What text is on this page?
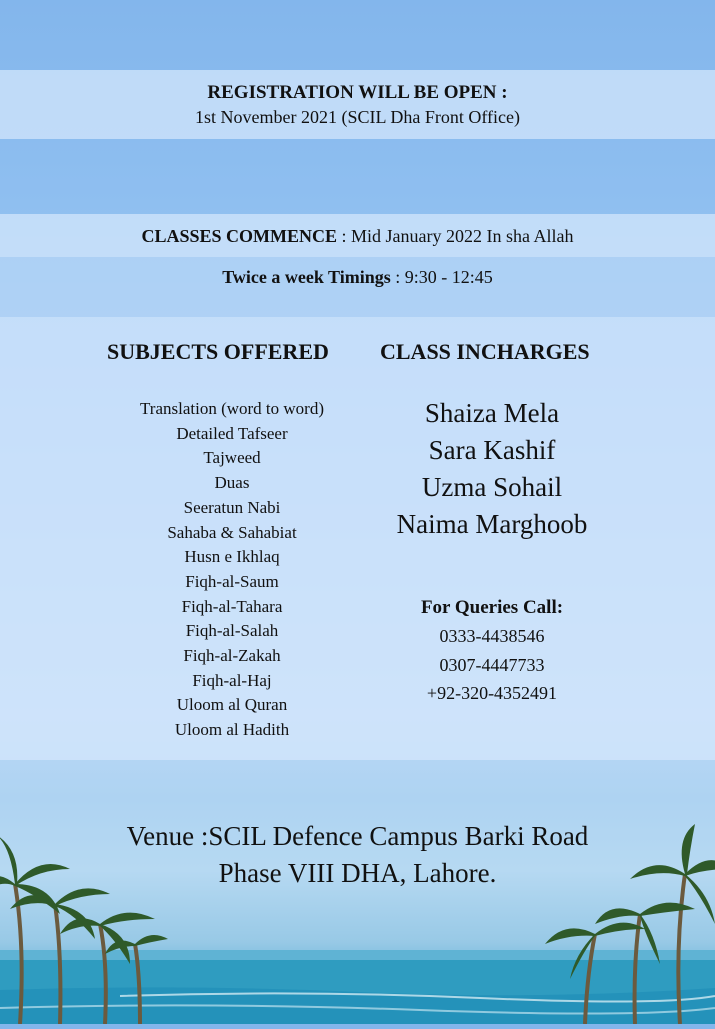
REGISTRATION WILL BE OPEN :
1st November 2021 (SCIL Dha Front Office)
CLASSES COMMENCE : Mid January 2022 In sha Allah
Twice a week Timings : 9:30 - 12:45
SUBJECTS OFFERED CLASS INCHARGES
Translation (word to word)
Detailed Tafseer
Tajweed
Duas
Seeratun Nabi
Sahaba & Sahabiat
Husn e Ikhlaq
Fiqh-al-Saum
Fiqh-al-Tahara
Fiqh-al-Salah
Fiqh-al-Zakah
Fiqh-al-Haj
Uloom al Quran
Uloom al Hadith
Shaiza Mela
Sara Kashif
Uzma Sohail
Naima Marghoob
For Queries Call:
0333-4438546
0307-4447733
+92-320-4352491
Venue :SCIL Defence Campus Barki Road
Phase VIII DHA, Lahore.
